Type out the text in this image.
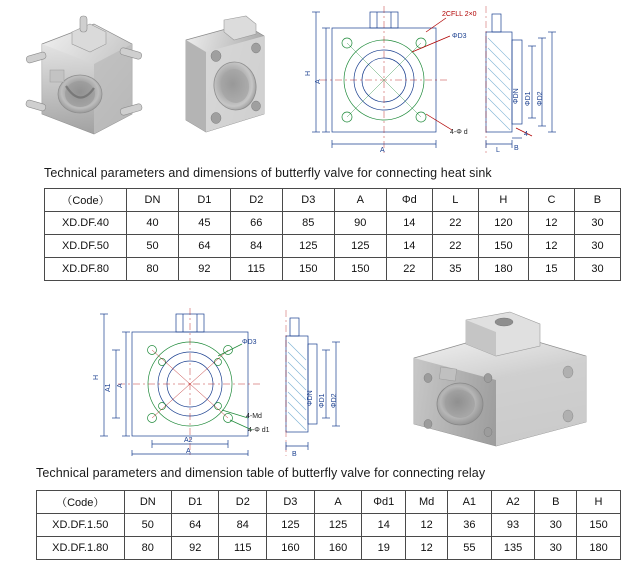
H
A
A
ΦD3
ΦDN ΦD1 ΦD2
L B
4
4-Φ d
2CFLL 2×0
Technical parameters and dimensions of butterfly valve for connecting heat sink
（Code）	DN	D1	D2	D3	A	Φd	L	H	C	B
XD.DF.40	40	45	66	85	90	14	22	120	12	30
XD.DF.50	50	64	84	125	125	14	22	150	12	30
XD.DF.80	80	92	115	150	150	22	35	180	15	30
H
A1 A
A2
A
ΦD3
ΦDN ΦD1 ΦD2
B
4-Md
4-Φ d1
Technical parameters and dimension table of butterfly valve for connecting relay
（Code）	DN	D1	D2	D3	A	Φd1	Md	A1	A2	B	H
XD.DF.1.50	50	64	84	125	125	14	12	36	93	30	150
XD.DF.1.80	80	92	115	160	160	19	12	55	135	30	180
